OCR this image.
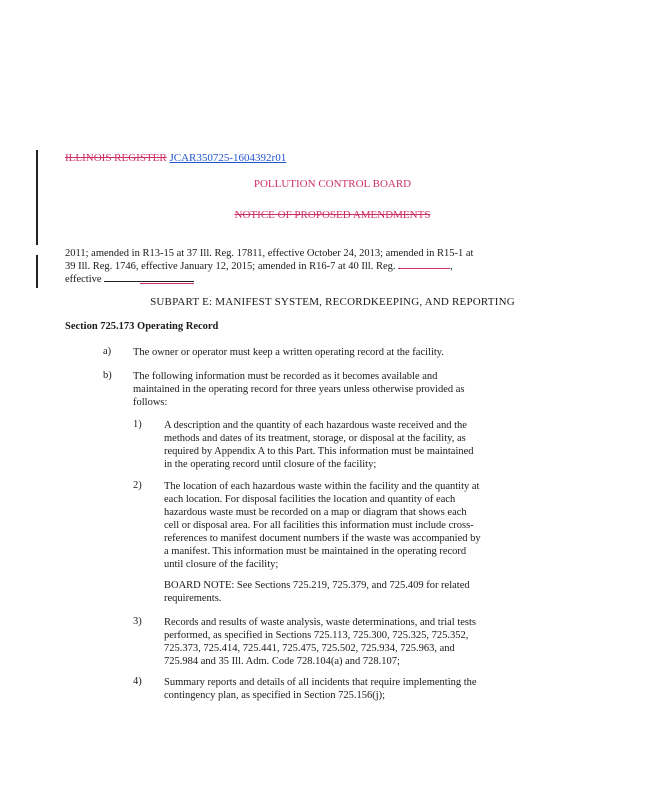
ILLINOIS REGISTER JCAR350725-1604392r01
POLLUTION CONTROL BOARD
NOTICE OF PROPOSED AMENDMENTS
2011; amended in R13-15 at 37 Ill. Reg. 17811, effective October 24, 2013; amended in R15-1 at 39 Ill. Reg. 1746, effective January 12, 2015; amended in R16-7 at 40 Ill. Reg.	,
effective
SUBPART E: MANIFEST SYSTEM, RECORDKEEPING, AND REPORTING
Section 725.173 Operating Record
a) The owner or operator must keep a written operating record at the facility.
b) The following information must be recorded as it becomes available and maintained in the operating record for three years unless otherwise provided as follows:
1) A description and the quantity of each hazardous waste received and the methods and dates of its treatment, storage, or disposal at the facility, as required by Appendix A to this Part. This information must be maintained in the operating record until closure of the facility;
2) The location of each hazardous waste within the facility and the quantity at each location. For disposal facilities the location and quantity of each hazardous waste must be recorded on a map or diagram that shows each cell or disposal area. For all facilities this information must include cross-references to manifest document numbers if the waste was accompanied by a manifest. This information must be maintained in the operating record until closure of the facility;
BOARD NOTE: See Sections 725.219, 725.379, and 725.409 for related requirements.
3) Records and results of waste analysis, waste determinations, and trial tests performed, as specified in Sections 725.113, 725.300, 725.325, 725.352, 725.373, 725.414, 725.441, 725.475, 725.502, 725.934, 725.963, and 725.984 and 35 Ill. Adm. Code 728.104(a) and 728.107;
4) Summary reports and details of all incidents that require implementing the contingency plan, as specified in Section 725.156(j);
